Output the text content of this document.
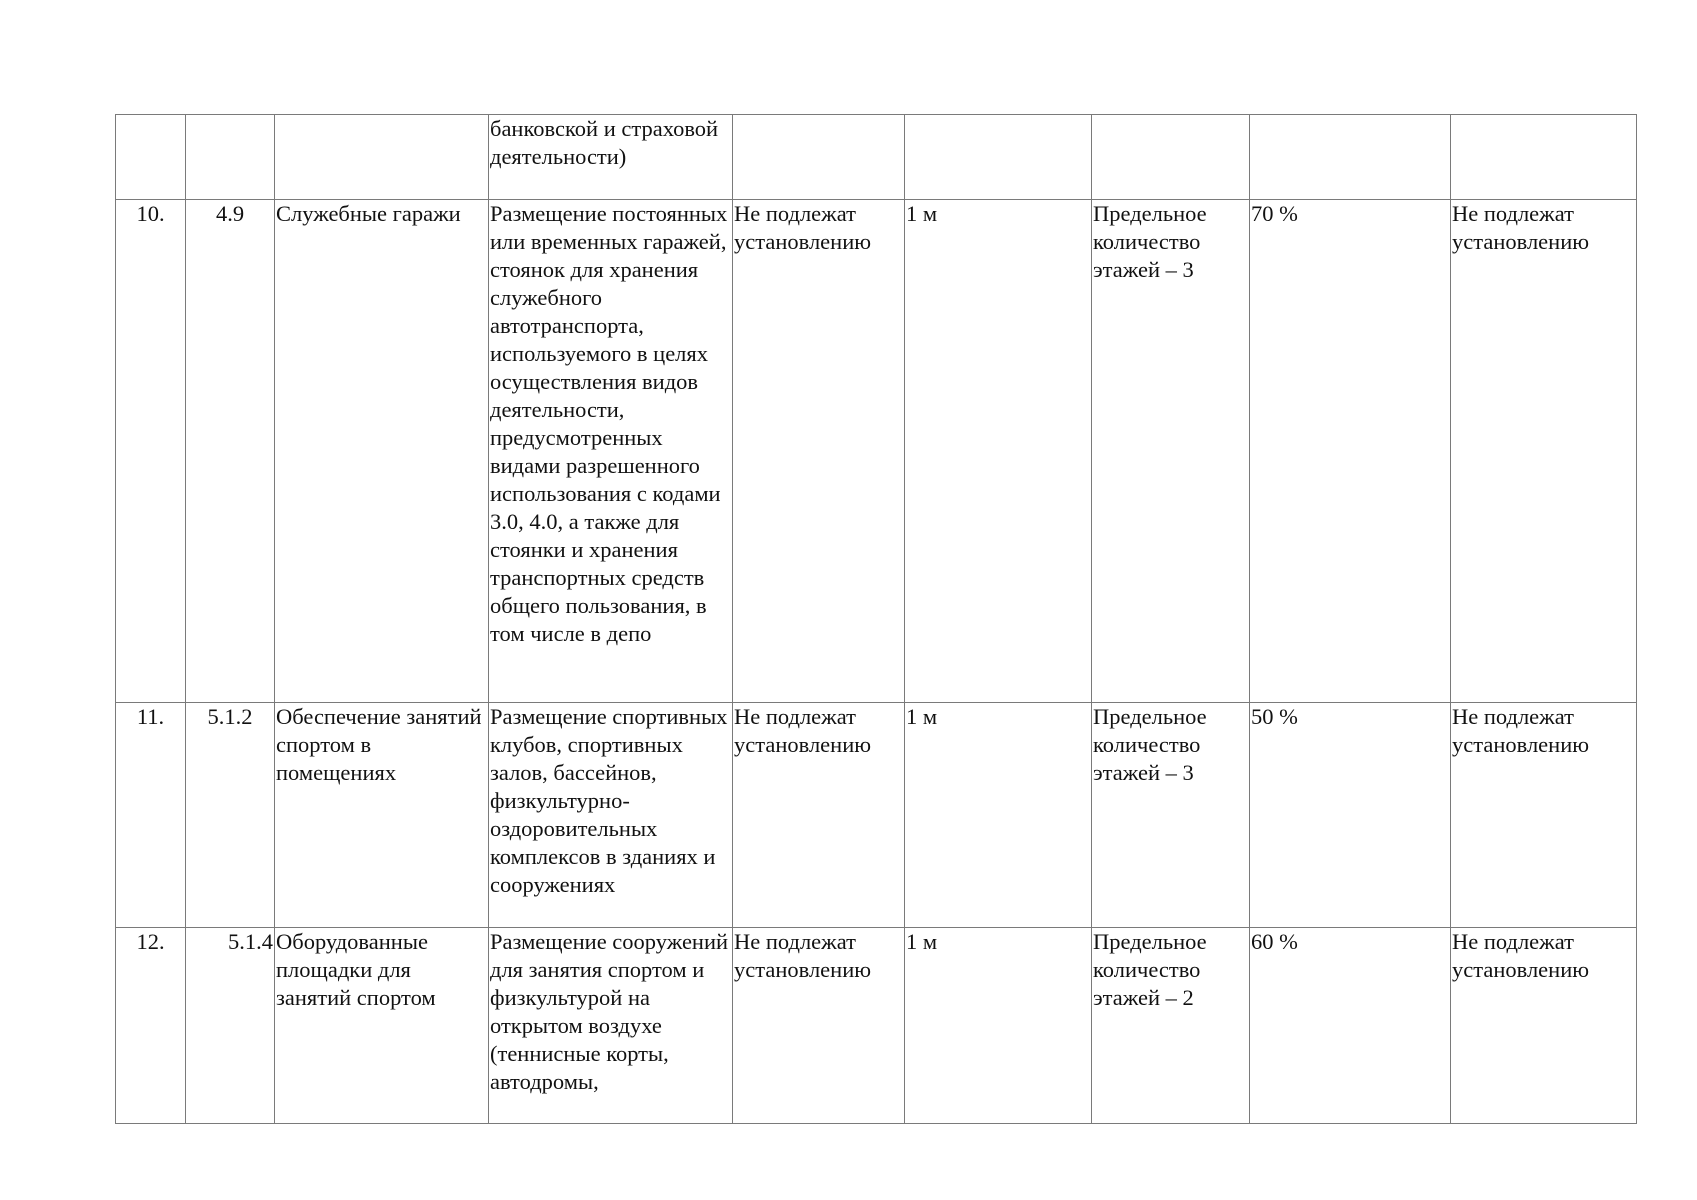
			банковской и страховой деятельности)					
10.	4.9	Служебные гаражи	Размещение постоянных или временных гаражей, стоянок для хранения служебного автотранспорта, используемого в целях осуществления видов деятельности, предусмотренных видами разрешенного использования с кодами 3.0, 4.0, а также для стоянки и хранения транспортных средств общего пользования, в том числе в депо	Не подлежат установлению	1 м	Предельное количество этажей – 3	70 %	Не подлежат установлению
11.	5.1.2	Обеспечение занятий спортом в помещениях	Размещение спортивных клубов, спортивных залов, бассейнов, физкультурно-оздоровительных комплексов в зданиях и сооружениях	Не подлежат установлению	1 м	Предельное количество этажей – 3	50 %	Не подлежат установлению
12.	5.1.4	Оборудованные площадки для занятий спортом	Размещение сооружений для занятия спортом и физкультурой на открытом воздухе (теннисные корты, автодромы,	Не подлежат установлению	1 м	Предельное количество этажей – 2	60 %	Не подлежат установлению
